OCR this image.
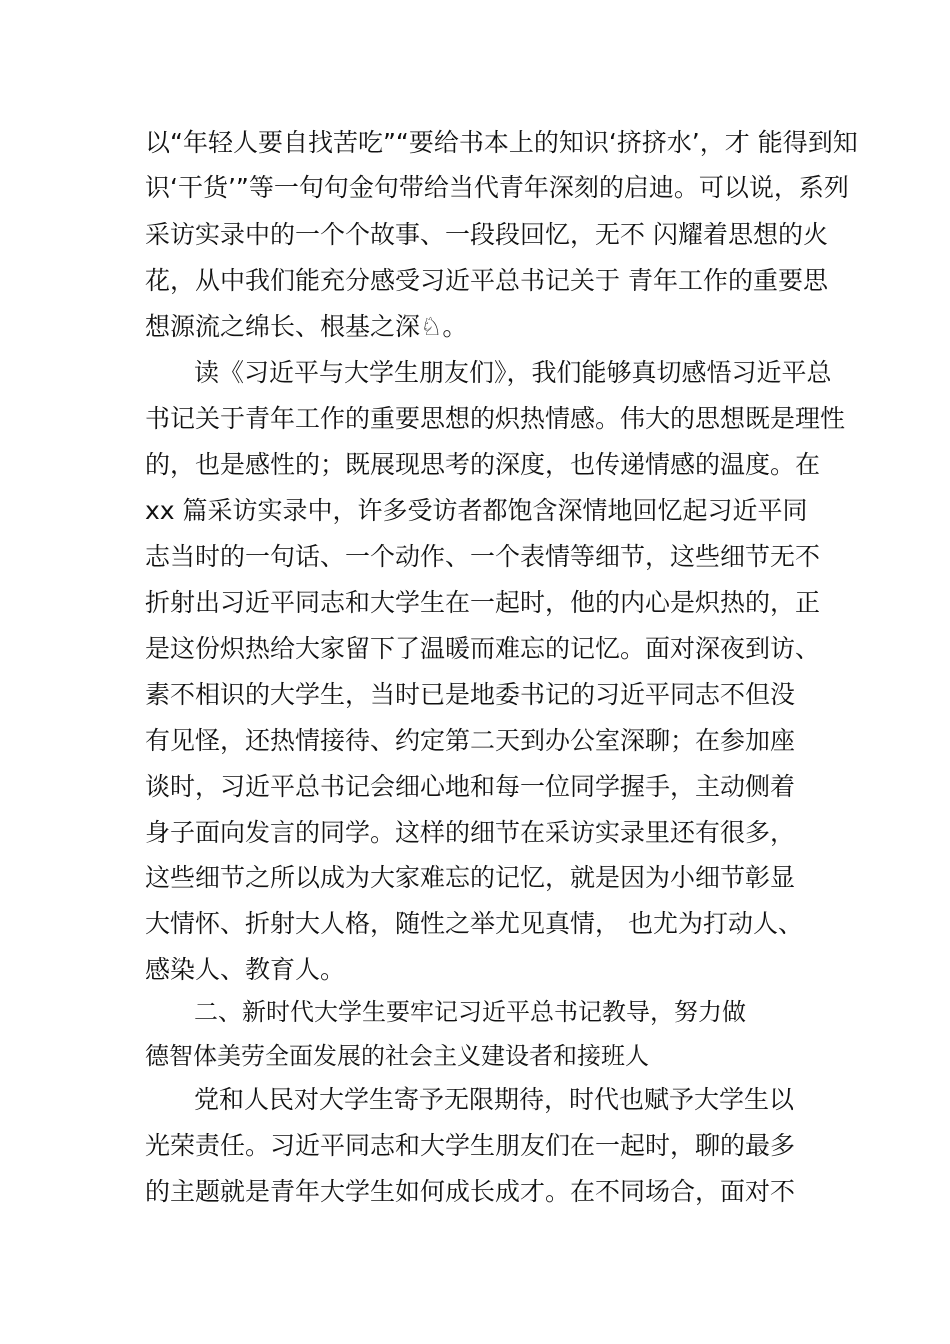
以“年轻人要自找苦吃”“要给书本上的知识‘挤挤水’，才 能得到知
识‘干货’”等一句句金句带给当代青年深刻的启迪。可以说，系列
采访实录中的一个个故事、一段段回忆，无不 闪耀着思想的火
花，从中我们能充分感受习近平总书记关于 青年工作的重要思
想源流之绵长、根基之深♘。
读《习近平与大学生朋友们》，我们能够真切感悟习近平总
书记关于青年工作的重要思想的炽热情感。伟大的思想既是理性
的，也是感性的；既展现思考的深度，也传递情感的温度。在
xx 篇采访实录中，许多受访者都饱含深情地回忆起习近平同
志当时的一句话、一个动作、一个表情等细节，这些细节无不
折射出习近平同志和大学生在一起时，他的内心是炽热的，正
是这份炽热给大家留下了温暖而难忘的记忆。面对深夜到访、
素不相识的大学生，当时已是地委书记的习近平同志不但没
有见怪，还热情接待、约定第二天到办公室深聊；在参加座
谈时，习近平总书记会细心地和每一位同学握手，主动侧着
身子面向发言的同学。这样的细节在采访实录里还有很多，
这些细节之所以成为大家难忘的记忆，就是因为小细节彰显
大情怀、折射大人格，随性之举尤见真情， 也尤为打动人、
感染人、教育人。
二、新时代大学生要牢记习近平总书记教导，努力做
德智体美劳全面发展的社会主义建设者和接班人
党和人民对大学生寄予无限期待，时代也赋予大学生以
光荣责任。习近平同志和大学生朋友们在一起时，聊的最多
的主题就是青年大学生如何成长成才。在不同场合，面对不
